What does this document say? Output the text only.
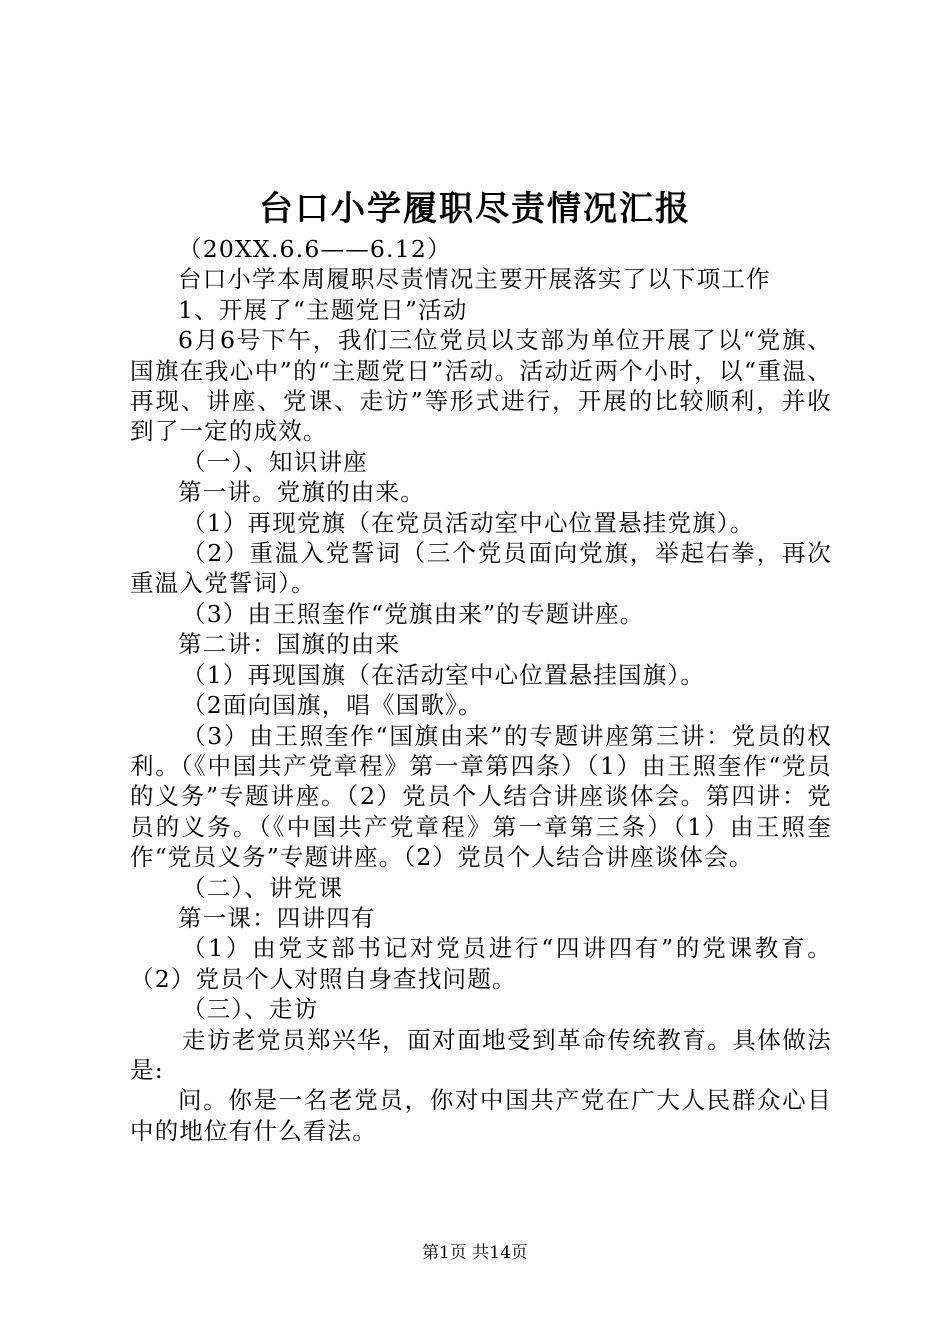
台口小学履职尽责情况汇报

（20XX.6.6——6.12）

台口小学本周履职尽责情况主要开展落实了以下项工作

1、开展了“主题党日”活动

6月6号下午，我们三位党员以支部为单位开展了以“党旗、国旗在我心中”的“主题党日”活动。活动近两个小时，以“重温、再现、讲座、党课、走访”等形式进行，开展的比较顺利，并收到了一定的成效。

（一）、知识讲座

第一讲。党旗的由来。

（1）再现党旗（在党员活动室中心位置悬挂党旗）。

（2）重温入党誓词（三个党员面向党旗，举起右拳，再次重温入党誓词）。

（3）由王照奎作“党旗由来”的专题讲座。

第二讲：国旗的由来

（1）再现国旗（在活动室中心位置悬挂国旗）。

（2面向国旗，唱《国歌》。

（3）由王照奎作“国旗由来”的专题讲座第三讲：党员的权利。（《中国共产党章程》第一章第四条）（1）由王照奎作“党员的义务”专题讲座。（2）党员个人结合讲座谈体会。第四讲：党员的义务。（《中国共产党章程》第一章第三条）（1）由王照奎作“党员义务”专题讲座。（2）党员个人结合讲座谈体会。

（二）、讲党课

第一课：四讲四有

（1）由党支部书记对党员进行“四讲四有”的党课教育。（2）党员个人对照自身查找问题。

（三）、走访

走访老党员郑兴华，面对面地受到革命传统教育。具体做法是:

问。你是一名老党员，你对中国共产党在广大人民群众心目中的地位有什么看法。

第1页 共14页
